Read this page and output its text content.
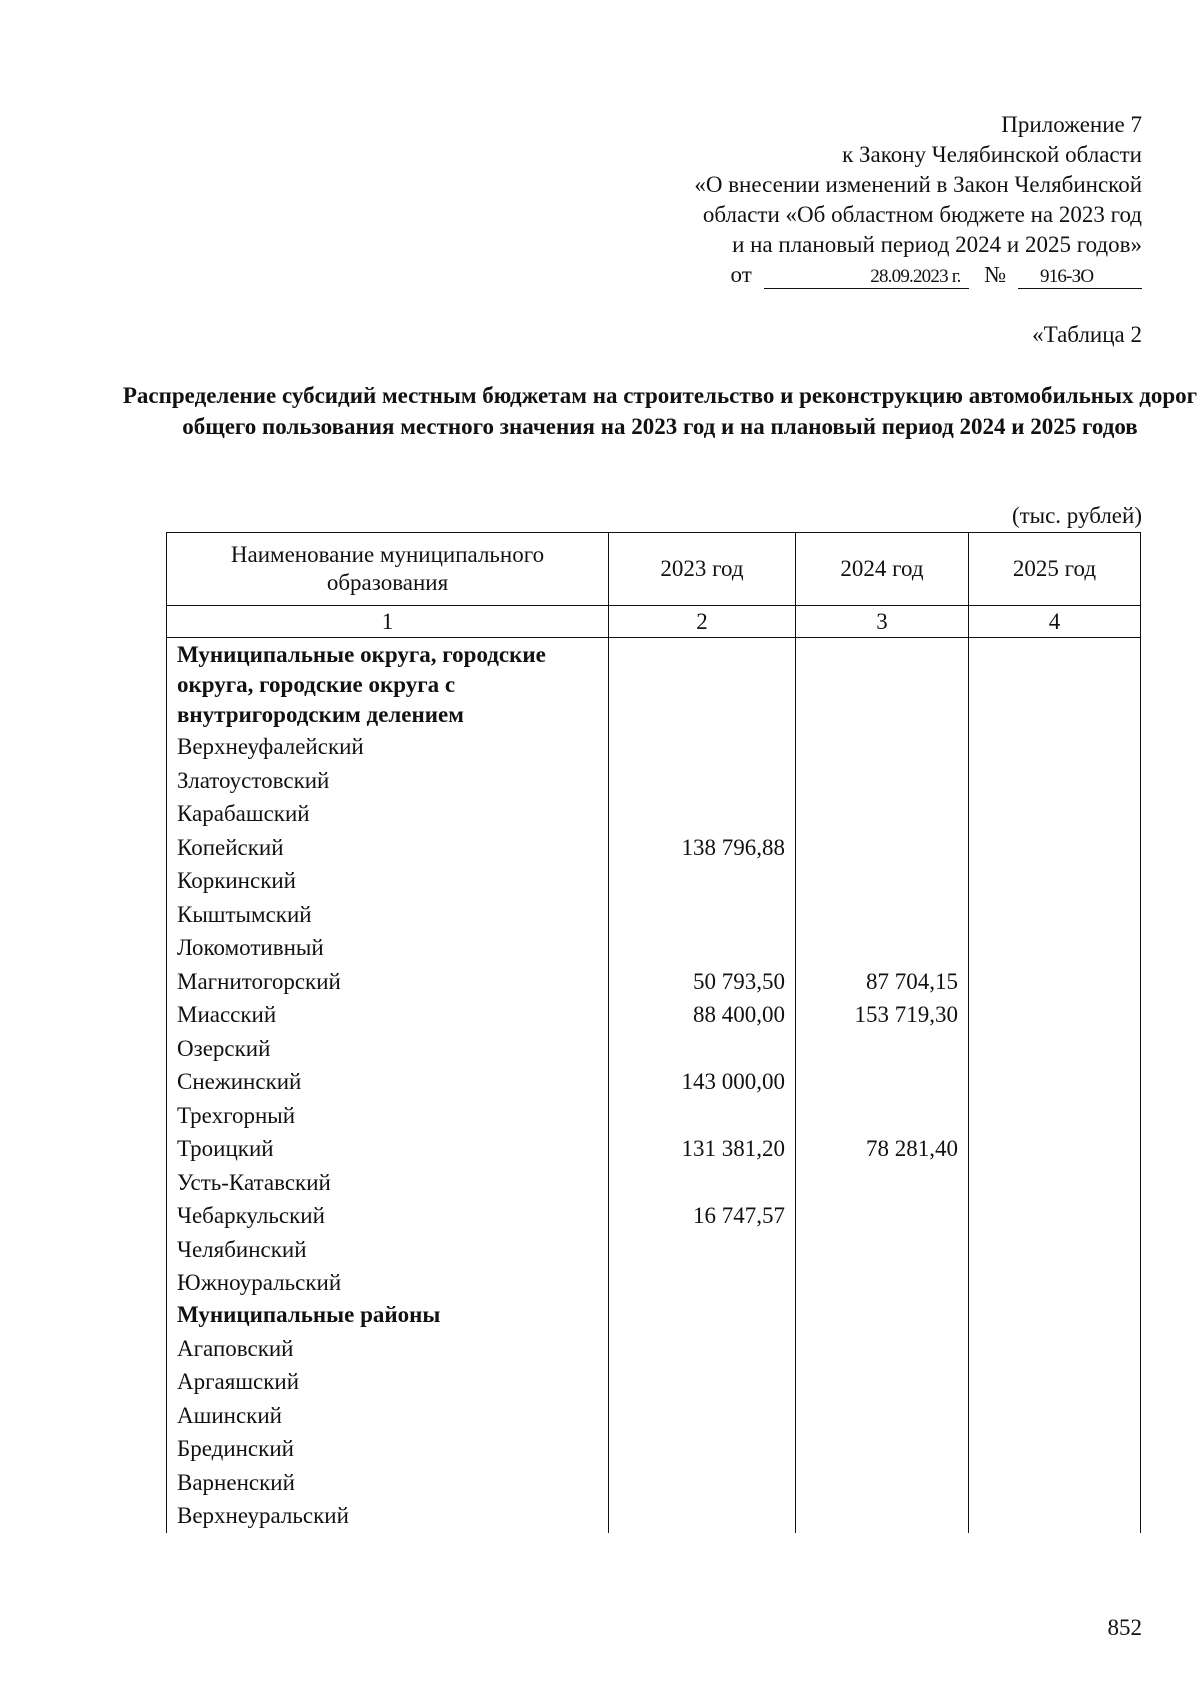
Приложение 7
к Закону Челябинской области
«О внесении изменений в Закон Челябинской
области «Об областном бюджете на 2023 год
и на плановый период 2024 и 2025 годов»
от	28.09.2023 г. № 916-ЗО
«Таблица 2
Распределение субсидий местным бюджетам на строительство и реконструкцию автомобильных дорог общего пользования местного значения на 2023 год и на плановый период 2024 и 2025 годов
(тыс. рублей)
Наименование муниципального образования	2023 год	2024 год	2025 год
1	2	3	4
Муниципальные округа, городские округа, городские округа с внутригородским делением			
Верхнеуфалейский			
Златоустовский			
Карабашский			
Копейский	138 796,88		
Коркинский			
Кыштымский			
Локомотивный			
Магнитогорский	50 793,50	87 704,15	
Миасский	88 400,00	153 719,30	
Озерский			
Снежинский	143 000,00		
Трехгорный			
Троицкий	131 381,20	78 281,40	
Усть-Катавский			
Чебаркульский	16 747,57		
Челябинский			
Южноуральский			
Муниципальные районы			
Агаповский			
Аргаяшский			
Ашинский			
Брединский			
Варненский			
Верхнеуральский			
852
